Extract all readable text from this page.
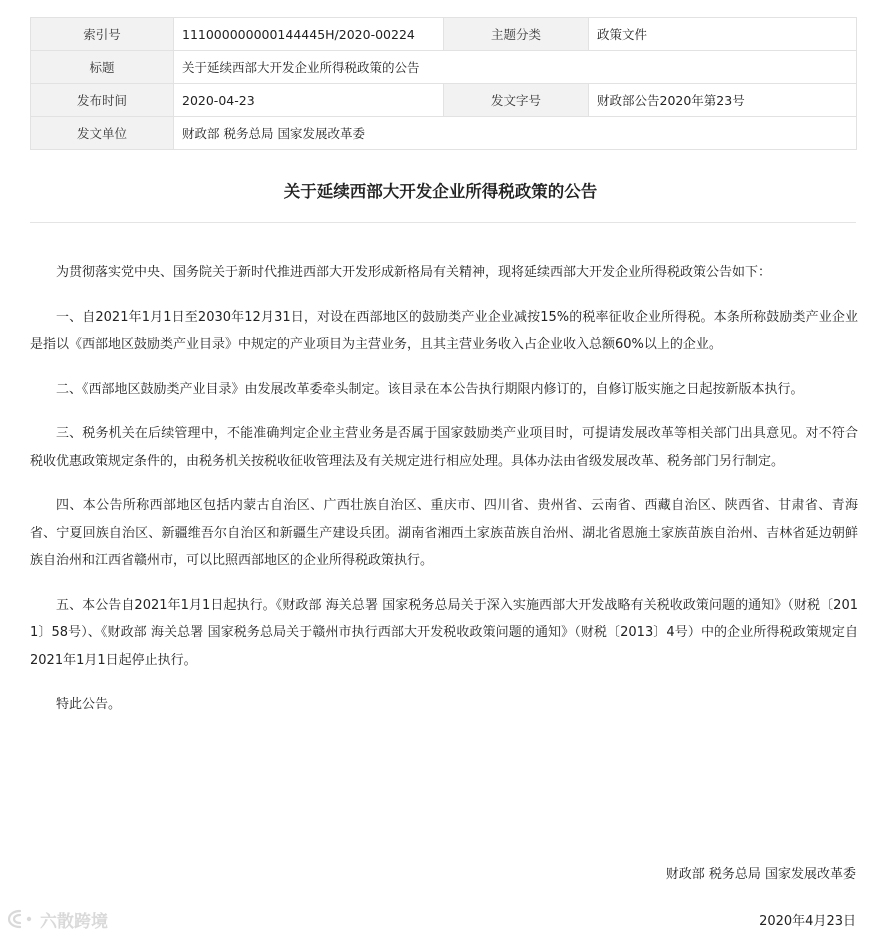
索引号	111000000000144445H/2020-00224	主题分类	政策文件
标题	关于延续西部大开发企业所得税政策的公告		
发布时间	2020-04-23	发文字号	财政部公告2020年第23号
发文单位	财政部 税务总局 国家发展改革委		
关于延续西部大开发企业所得税政策的公告

为贯彻落实党中央、国务院关于新时代推进西部大开发形成新格局有关精神，现将延续西部大开发企业所得税政策公告如下：

一、自2021年1月1日至2030年12月31日，对设在西部地区的鼓励类产业企业减按15%的税率征收企业所得税。本条所称鼓励类产业企业是指以《西部地区鼓励类产业目录》中规定的产业项目为主营业务，且其主营业务收入占企业收入总额60%以上的企业。

二、《西部地区鼓励类产业目录》由发展改革委牵头制定。该目录在本公告执行期限内修订的，自修订版实施之日起按新版本执行。

三、税务机关在后续管理中，不能准确判定企业主营业务是否属于国家鼓励类产业项目时，可提请发展改革等相关部门出具意见。对不符合税收优惠政策规定条件的，由税务机关按税收征收管理法及有关规定进行相应处理。具体办法由省级发展改革、税务部门另行制定。

四、本公告所称西部地区包括内蒙古自治区、广西壮族自治区、重庆市、四川省、贵州省、云南省、西藏自治区、陕西省、甘肃省、青海省、宁夏回族自治区、新疆维吾尔自治区和新疆生产建设兵团。湖南省湘西土家族苗族自治州、湖北省恩施土家族苗族自治州、吉林省延边朝鲜族自治州和江西省赣州市，可以比照西部地区的企业所得税政策执行。

五、本公告自2021年1月1日起执行。《财政部 海关总署 国家税务总局关于深入实施西部大开发战略有关税收政策问题的通知》（财税〔2011〕58号）、《财政部 海关总署 国家税务总局关于赣州市执行西部大开发税收政策问题的通知》（财税〔2013〕4号）中的企业所得税政策规定自2021年1月1日起停止执行。

特此公告。

财政部 税务总局 国家发展改革委
2020年4月23日
六散跨境
